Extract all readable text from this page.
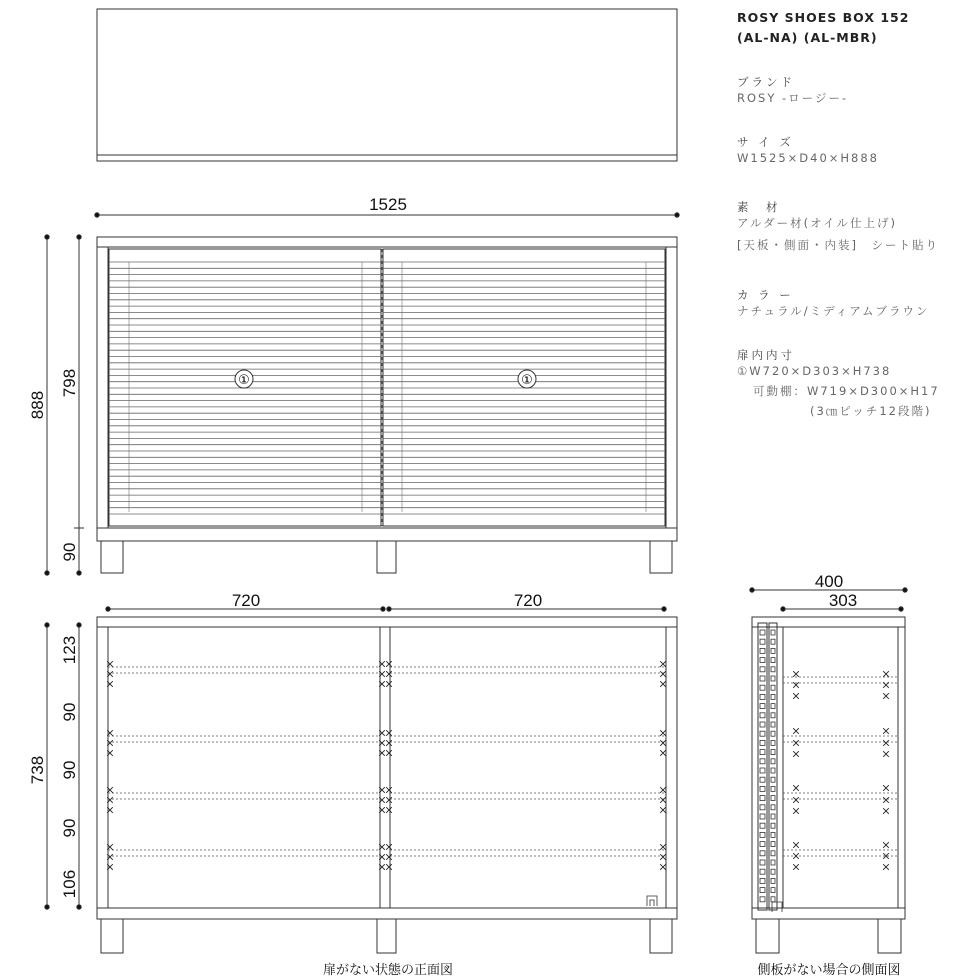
1525
888
798
90
①	①
720	720
738
123
90
90
90
106
扉がない状態の正面図
400
303
側板がない場合の側面図
ROSY SHOES BOX 152
(AL-NA) (AL-MBR)
ブランド
ROSY -ロージー-
サ イ ズ
W1525×D40×H888
素　材
アルダー材(オイル仕上げ)
[天板・側面・内装]　シート貼り
カ ラ ー
ナチュラル/ミディアムブラウン
扉内内寸
①W720×D303×H738
可動棚：W719×D300×H17
(3㎝ピッチ12段階)
